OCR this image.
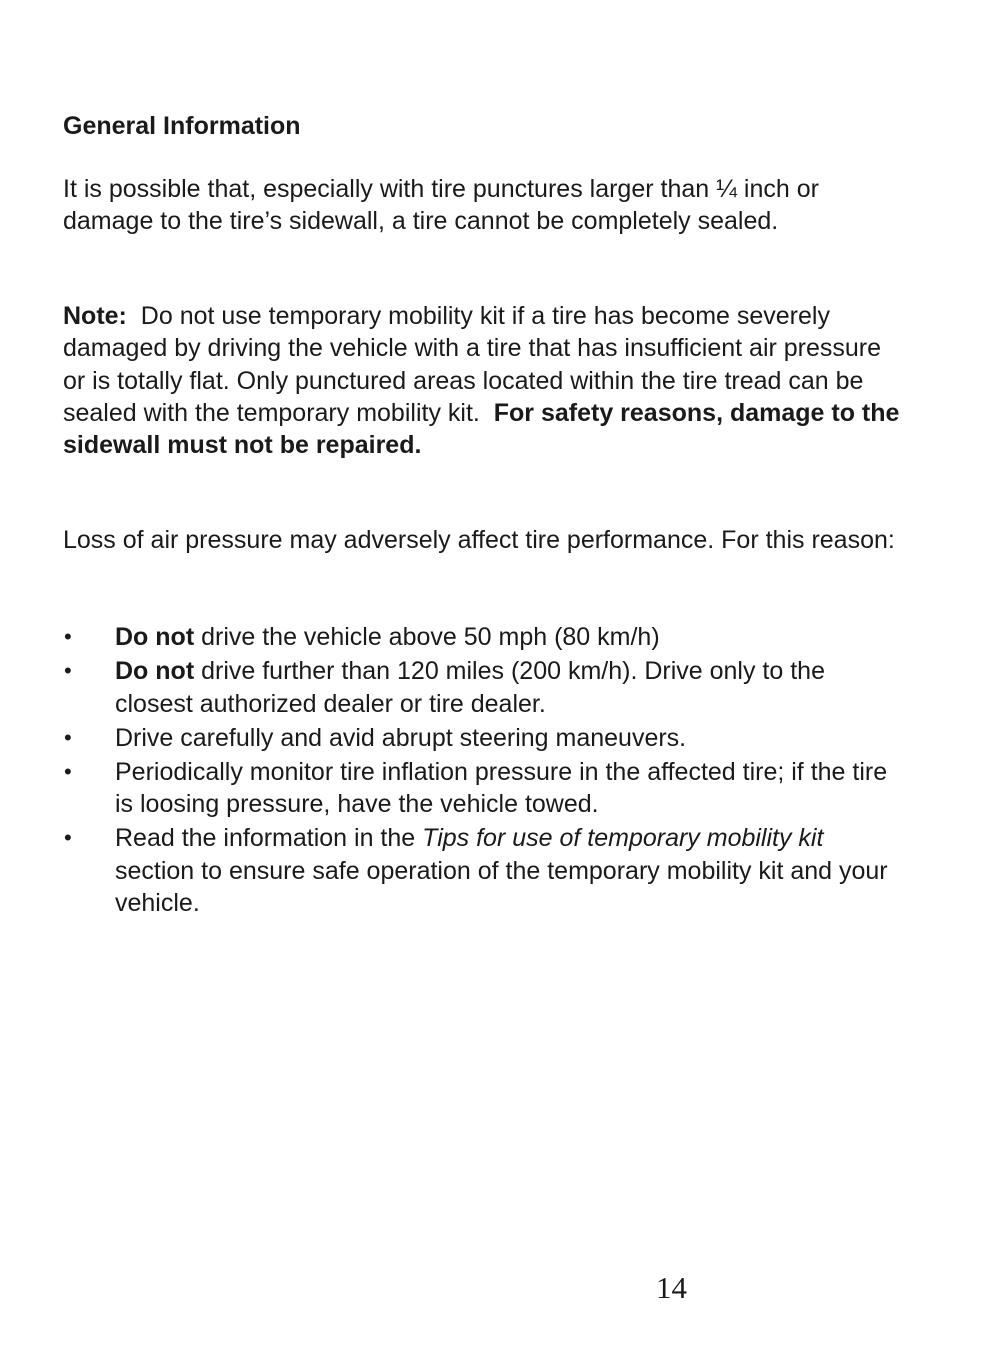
General Information

It is possible that, especially with tire punctures larger than ¼ inch or damage to the tire’s sidewall, a tire cannot be completely sealed.

Note: Do not use temporary mobility kit if a tire has become severely damaged by driving the vehicle with a tire that has insufficient air pressure or is totally flat. Only punctured areas located within the tire tread can be sealed with the temporary mobility kit. For safety reasons, damage to the sidewall must not be repaired.

Loss of air pressure may adversely affect tire performance. For this reason:

• Do not drive the vehicle above 50 mph (80 km/h)
• Do not drive further than 120 miles (200 km/h). Drive only to the closest authorized dealer or tire dealer.
• Drive carefully and avid abrupt steering maneuvers.
• Periodically monitor tire inflation pressure in the affected tire; if the tire is loosing pressure, have the vehicle towed.
• Read the information in the Tips for use of temporary mobility kit section to ensure safe operation of the temporary mobility kit and your vehicle.
14
